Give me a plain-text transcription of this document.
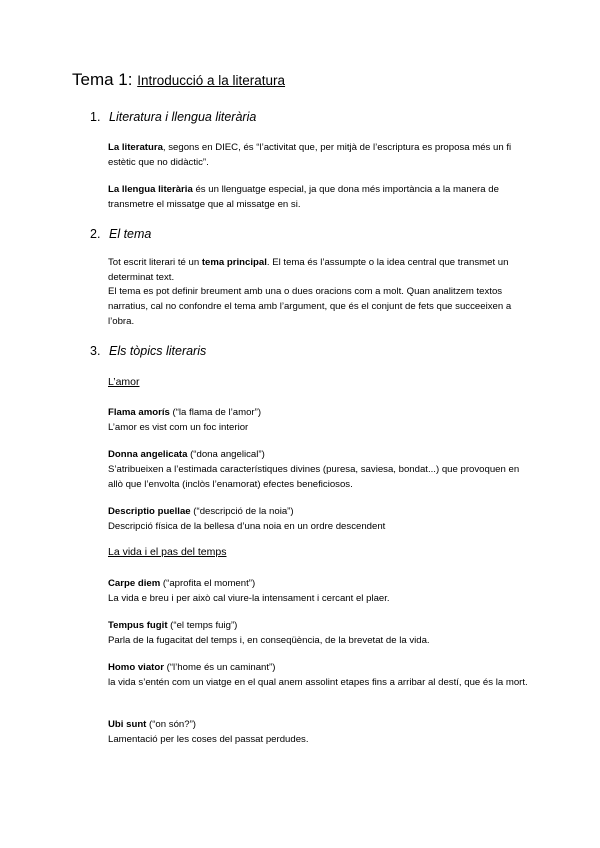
Tema 1: Introducció a la literatura
1. Literatura i llengua literària
La literatura, segons en DIEC, és “l’activitat que, per mitjà de l’escriptura es proposa més un fi estètic que no didàctic”.
La llengua literària és un llenguatge especial, ja que dona més importància a la manera de transmetre el missatge que al missatge en si.
2. El tema
Tot escrit literari té un tema principal. El tema és l’assumpte o la idea central que transmet un determinat text.
El tema es pot definir breument amb una o dues oracions com a molt. Quan analitzem textos narratius, cal no confondre el tema amb l’argument, que és el conjunt de fets que succeeixen a l’obra.
3. Els tòpics literaris
L’amor
Flama amorís (“la flama de l’amor”)
L’amor es vist com un foc interior
Donna angelicata (“dona angelical”)
S’atribueixen a l’estimada característiques divines (puresa, saviesa, bondat...) que provoquen en allò que l’envolta (inclòs l’enamorat) efectes beneficiosos.
Descriptio puellae (“descripció de la noia”)
Descripció física de la bellesa d’una noia en un ordre descendent
La vida i el pas del temps
Carpe diem (“aprofita el moment”)
La vida e breu i per això cal viure-la intensament i cercant el plaer.
Tempus fugit (“el temps fuig”)
Parla de la fugacitat del temps i, en conseqüència, de la brevetat de la vida.
Homo viator (“l’home és un caminant”)
la vida s’entén com un viatge en el qual anem assolint etapes fins a arribar al destí, que és la mort.
Ubi sunt (“on són?”)
Lamentació per les coses del passat perdudes.
